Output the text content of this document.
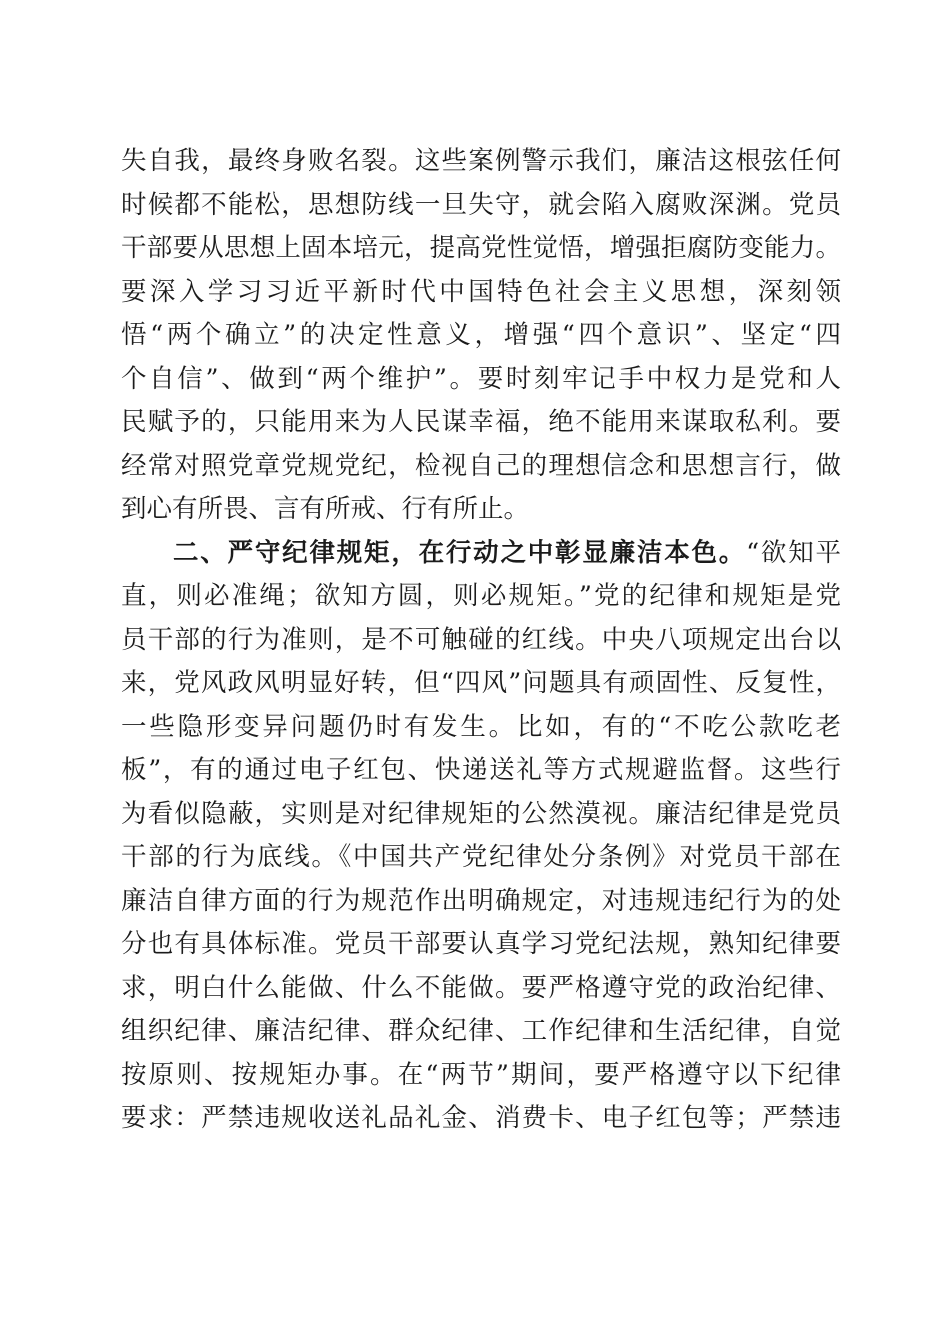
失自我，最终身败名裂。这些案例警示我们，廉洁这根弦任何
时候都不能松，思想防线一旦失守，就会陷入腐败深渊。党员
干部要从思想上固本培元，提高党性觉悟，增强拒腐防变能力。
要深入学习习近平新时代中国特色社会主义思想，深刻领
悟“两个确立”的决定性意义，增强“四个意识”、坚定“四
个自信”、做到“两个维护”。要时刻牢记手中权力是党和人
民赋予的，只能用来为人民谋幸福，绝不能用来谋取私利。要
经常对照党章党规党纪，检视自己的理想信念和思想言行，做
到心有所畏、言有所戒、行有所止。
二、严守纪律规矩，在行动之中彰显廉洁本色。“欲知平
直，则必准绳；欲知方圆，则必规矩。”党的纪律和规矩是党
员干部的行为准则，是不可触碰的红线。中央八项规定出台以
来，党风政风明显好转，但“四风”问题具有顽固性、反复性，
一些隐形变异问题仍时有发生。比如，有的“不吃公款吃老
板”，有的通过电子红包、快递送礼等方式规避监督。这些行
为看似隐蔽，实则是对纪律规矩的公然漠视。廉洁纪律是党员
干部的行为底线。《中国共产党纪律处分条例》对党员干部在
廉洁自律方面的行为规范作出明确规定，对违规违纪行为的处
分也有具体标准。党员干部要认真学习党纪法规，熟知纪律要
求，明白什么能做、什么不能做。要严格遵守党的政治纪律、
组织纪律、廉洁纪律、群众纪律、工作纪律和生活纪律，自觉
按原则、按规矩办事。在“两节”期间，要严格遵守以下纪律
要求：严禁违规收送礼品礼金、消费卡、电子红包等；严禁违
